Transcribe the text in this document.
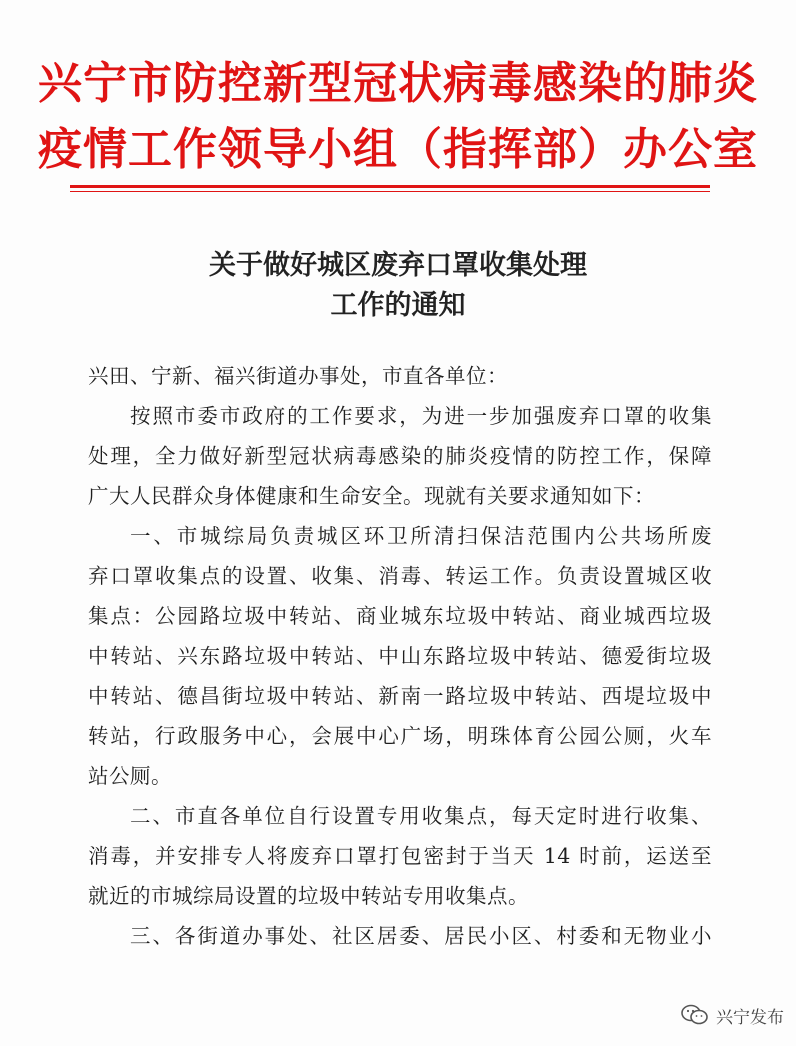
兴宁市防控新型冠状病毒感染的肺炎
疫情工作领导小组（指挥部）办公室
关于做好城区废弃口罩收集处理
工作的通知
兴田、宁新、福兴街道办事处，市直各单位：
按照市委市政府的工作要求，为进一步加强废弃口罩的收集
处理，全力做好新型冠状病毒感染的肺炎疫情的防控工作，保障
广大人民群众身体健康和生命安全。现就有关要求通知如下：
一、市城综局负责城区环卫所清扫保洁范围内公共场所废
弃口罩收集点的设置、收集、消毒、转运工作。负责设置城区收
集点：公园路垃圾中转站、商业城东垃圾中转站、商业城西垃圾
中转站、兴东路垃圾中转站、中山东路垃圾中转站、德爱街垃圾
中转站、德昌街垃圾中转站、新南一路垃圾中转站、西堤垃圾中
转站，行政服务中心，会展中心广场，明珠体育公园公厕，火车
站公厕。
二、市直各单位自行设置专用收集点，每天定时进行收集、
消毒，并安排专人将废弃口罩打包密封于当天 14 时前，运送至
就近的市城综局设置的垃圾中转站专用收集点。
三、各街道办事处、社区居委、居民小区、村委和无物业小
兴宁发布
